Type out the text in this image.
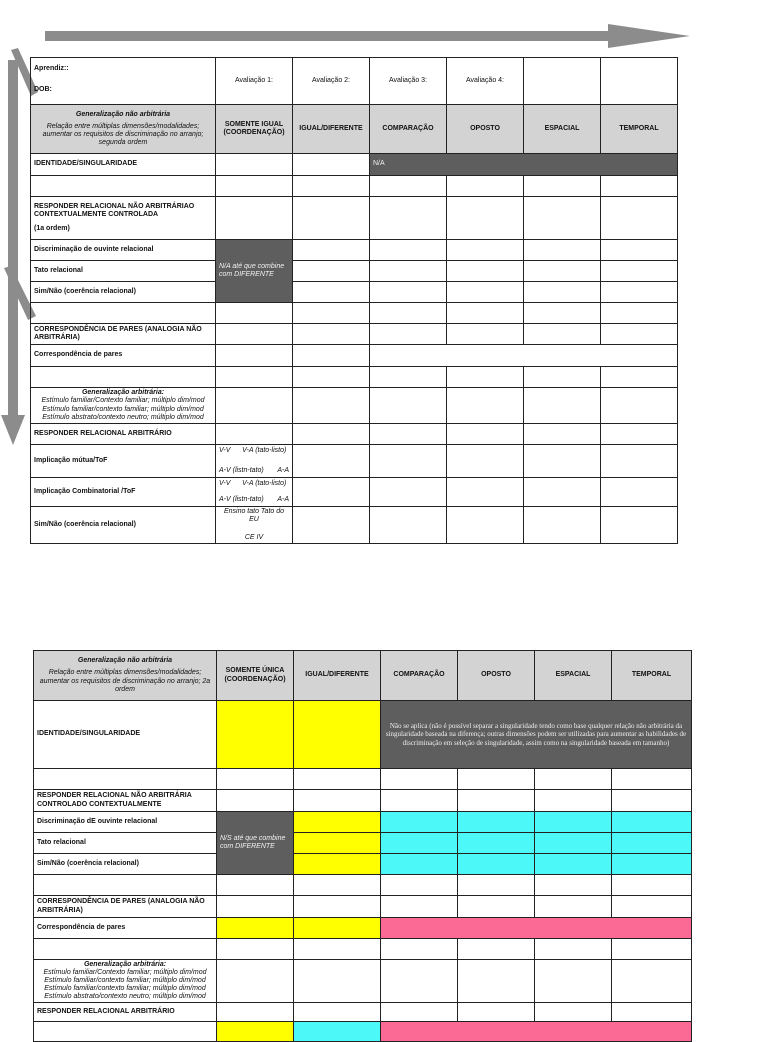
Aprendiz::
DOB:	Avaliação 1:	Avaliação 2:	Avaliação 3:	Avaliação 4:		

Generalização não arbitrária
Relação entre múltiplas dimensões/modalidades; aumentar os requisitos de discriminação no arranjo; segunda ordem	SOMENTE IGUAL (COORDENAÇÃO)	IGUAL/DIFERENTE	COMPARAÇÃO	OPOSTO	ESPACIAL	TEMPORAL
IDENTIDADE/SINGULARIDADE			N/A			

RESPONDER RELACIONAL NÃO ARBITRÁRIAO CONTEXTUALMENTE CONTROLADA
(1a ordem)						

Discriminação de ouvinte relacional	N/A até que combine com DIFERENTE					
Tato relacional						
Sim/Não (coerência relacional)						

CORRESPONDÊNCIA DE PARES (ANALOGIA NÃO ARBITRÁRIA)						
Correspondência de pares						

Generalização arbitrária:
Estímulo familiar/Contexto familiar; múltiplo dim/mod
Estímulo familiar/contexto familiar; múltiplo dim/mod
Estímulo abstrato/contexto neutro; múltiplo dim/mod						
RESPONDER RELACIONAL ARBITRÁRIO						
Implicação mútua/ToF	V-V V-A (tato-listo)
A-V (listn-tato) A-A					

Implicação Combinatorial /ToF	V-V V-A (tato-listo)
A-V (listn-tato) A-A					

Sim/Não (coerência relacional)	Ensino tato Tato do EU
CE IV					

Generalização não arbitrária
Relação entre múltiplas dimensões/modalidades; aumentar os requisitos de discriminação no arranjo; 2a ordem	SOMENTE ÚNICA (COORDENAÇÃO)	IGUAL/DIFERENTE	COMPARAÇÃO	OPOSTO	ESPACIAL	TEMPORAL
IDENTIDADE/SINGULARIDADE			Não se aplica (não é possível separar a singularidade tendo como base qualquer relação não arbitrária da singularidade baseada na diferença; outras dimensões podem ser utilizadas para aumentar as habilidades de discriminação em seleção de singularidade, assim como na singularidade baseada em tamanho)			

RESPONDER RELACIONAL NÃO ARBITRÁRIA CONTROLADO CONTEXTUALMENTE						
Discriminação dE ouvinte relacional	N/S até que combine com DIFERENTE					
Tato relacional						
Sim/Não (coerência relacional)						

CORRESPONDÊNCIA DE PARES (ANALOGIA NÃO ARBITRÁRIA)						
Correspondência de pares						

Generalização arbitrária:
Estímulo familiar/Contexto familiar; múltiplo dim/mod
Estímulo familiar/contexto familiar; múltiplo dim/mod
Estímulo familiar/contexto familiar; múltiplo dim/mod
Estímulo abstrato/contexto neutro; múltiplo dim/mod						
RESPONDER RELACIONAL ARBITRÁRIO						
